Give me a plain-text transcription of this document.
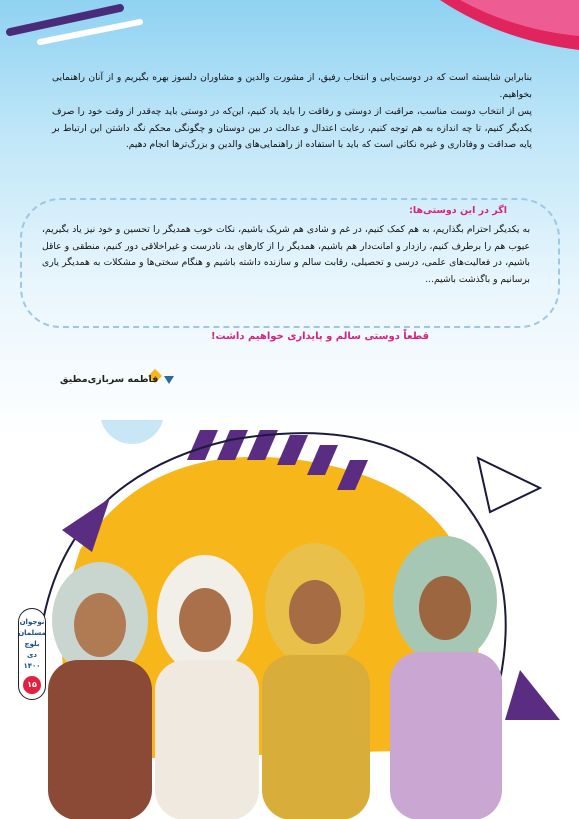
بنابراین شایسته است که در دوست‌یابی و انتخاب رفیق، از مشورت والدین و مشاوران دلسوز بهره بگیریم و از آنان راهنمایی بخواهیم.

پس از انتخاب دوست مناسب، مراقبت از دوستی و رفاقت را باید یاد کنیم، این‌که در دوستی باید چه‌قدر از وقت خود را صرف یکدیگر کنیم، تا چه اندازه به هم توجه کنیم، رعایت اعتدال و عدالت در بین دوستان و چگونگی محکم نگه داشتن این ارتباط بر پایه صداقت و وفاداری و غیره نکاتی است که باید با استفاده از راهنمایی‌های والدین و بزرگ‌ترها انجام دهیم.

اگر در این دوستی‌ها:

به یکدیگر احترام بگذاریم، به هم کمک کنیم، در غم و شادی هم شریک باشیم، نکات خوب همدیگر را تحسین و خود نیز یاد بگیریم، عیوب هم را برطرف کنیم، رازدار و امانت‌دار هم باشیم، همدیگر را از کارهای بد، نادرست و غیراخلاقی دور کنیم، منطقی و عاقل باشیم، در فعالیت‌های علمی، درسی و تحصیلی، رقابت سالم و سازنده داشته باشیم و هنگام سختی‌ها و مشکلات به همدیگر یاری برسانیم و باگذشت باشیم...

قطعاً دوستی سالم و پایداری خواهیم داشت!
فاطمه سربازی‌مطیق
نوجوان
مسلمان
بلوچ
دی ۱۴۰۰
۱۵
